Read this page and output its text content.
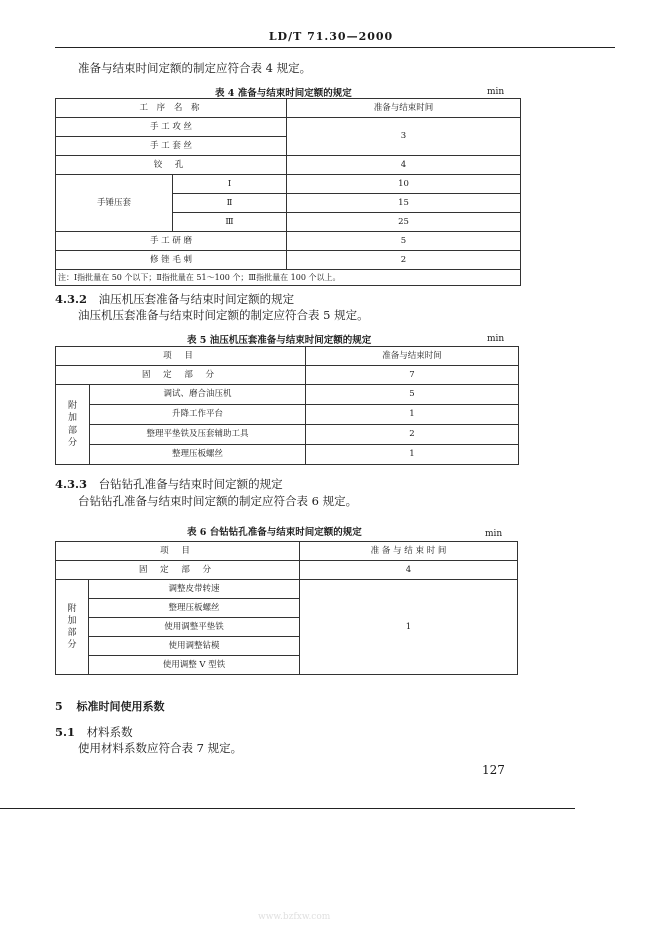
LD/T 71.30—2000
准备与结束时间定额的制定应符合表 4 规定。
表 4 准备与结束时间定额的规定	min
工 序 名 称		准备与结束时间
手 工 攻 丝		3
手 工 套 丝		
铰 孔		4
手锤压套	Ⅰ	10
	Ⅱ	15
	Ⅲ	25
手 工 研 磨		5
修 锉 毛 刺		2
注：Ⅰ指批量在 50 个以下；Ⅱ指批量在 51～100 个；Ⅲ指批量在 100 个以上。		
4.3.2 油压机压套准备与结束时间定额的规定
油压机压套准备与结束时间定额的制定应符合表 5 规定。
表 5 油压机压套准备与结束时间定额的规定	min
项 目		准备与结束时间
固 定 部 分		7
附
加
部
分	调试、磨合油压机	5
	升降工作平台	1
	整理平垫铁及压套辅助工具	2
	整理压板螺丝	1
4.3.3 台钻钻孔准备与结束时间定额的规定
台钻钻孔准备与结束时间定额的制定应符合表 6 规定。
表 6 台钻钻孔准备与结束时间定额的规定	min
项 目		准 备 与 结 束 时 间
固 定 部 分		4
附
加
部
分	调整皮带转速	1
	整理压板螺丝	
	使用调整平垫铁	
	使用调整钻模	
	使用调整 V 型铁	
5 标准时间使用系数
5.1 材料系数
使用材料系数应符合表 7 规定。
127
www.bzfxw.com
